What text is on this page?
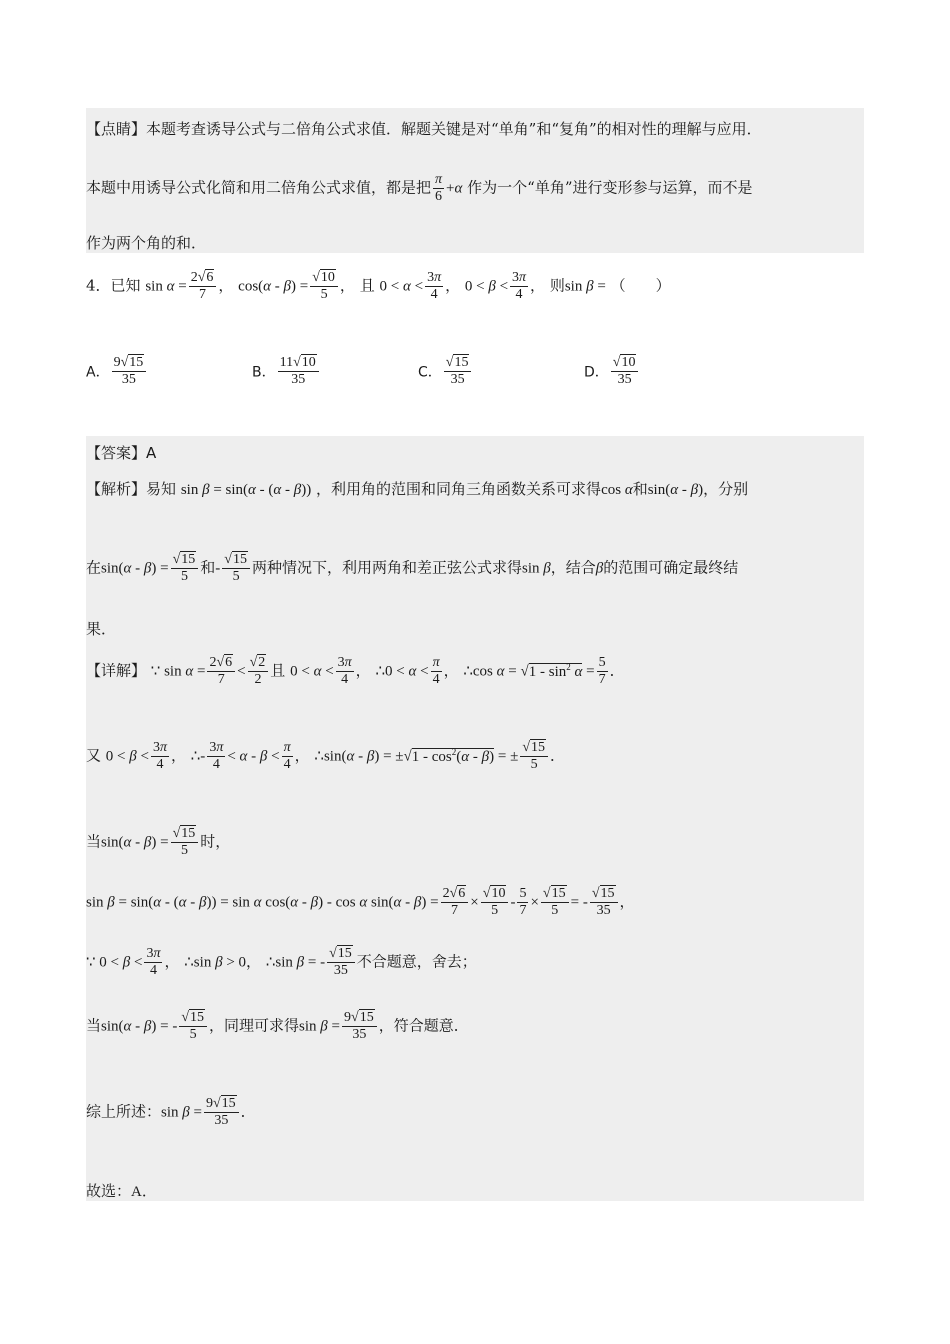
【点睛】本题考查诱导公式与二倍角公式求值．解题关键是对“单角”和“复角”的相对性的理解与应用．
本题中用诱导公式化简和用二倍角公式求值，都是把 $\frac{\pi}{6} +\alpha$ 作为一个“单角”进行变形参与运算，而不是
作为两个角的和．
4．已知 $\sin \alpha = \frac{2√6}{7}$ ， $\cos(\alpha - \beta) = \frac{√10}{5}$ ， 且 $0 < \alpha < \frac{3\pi}{4}$ ， $0 < \beta < \frac{3\pi}{4}$ ， 则sin β = （　　）
A． $\frac{9√15}{35}$	B． $\frac{11√10}{35}$	C． $\frac{√15}{35}$	D． $\frac{√10}{35}$
【答案】A
【解析】易知 sin β = sin(α - (α - β)) ，利用角的范围和同角三角函数关系可求得cos α和sin(α - β)，分别
在$\sin(\alpha - \beta) = \frac{√15}{5}$ 和- $\frac{√15}{5}$ 两种情况下，利用两角和差正弦公式求得sin β，结合β的范围可确定最终结
果．
【详解】 ∵ $\sin \alpha = \frac{2√6}{7} < \frac{√2}{2}$ 且 $0 < \alpha < \frac{3\pi}{4}$ ， ∴0 < $\alpha < \frac{\pi}{4}$ ， ∴cos $\alpha = √1 - \sin^2 \alpha = \frac{5}{7}$ ．
又 $0 < \beta < \frac{3\pi}{4}$ ， ∴- $\frac{3\pi}{4} < \alpha - \beta < \frac{\pi}{4}$ ， ∴sin(α - $\beta) = \pm√1 - \cos^2(\alpha - \beta)$ = ± $\frac{√15}{5}$ ．
当$\sin(\alpha - \beta) = \frac{√15}{5}$ 时，
sin β = sin(α - (α - β)) = sin α cos(α - β) - cos α $\sin(\alpha - \beta) = \frac{2√6}{7} \times \frac{√10}{5} - \frac{5}{7} \times \frac{√15}{5}$ = - $\frac{√15}{35}$ ，
∵ $0 < \beta < \frac{3\pi}{4}$ ， ∴sin β > 0， ∴sin β = - $\frac{√15}{35}$ 不合题意，舍去；
当sin(α - β) = - $\frac{√15}{5}$ ，同理可求得$\sin \beta = \frac{9√15}{35}$ ，符合题意．
综上所述：$\sin \beta = \frac{9√15}{35}$ ．
故选：A．
